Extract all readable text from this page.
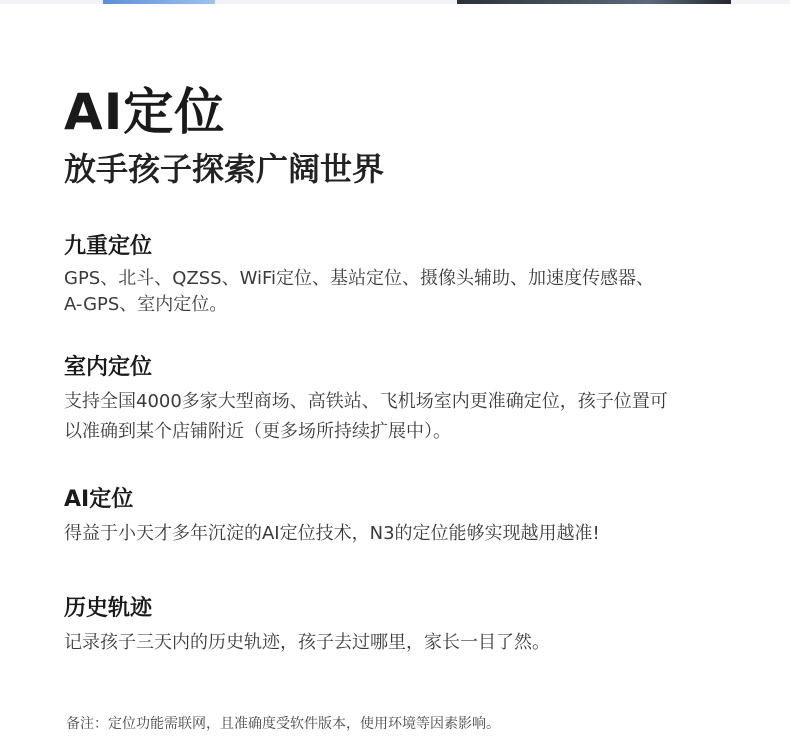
AI定位
放手孩子探索广阔世界
九重定位

GPS、北斗、QZSS、WiFi定位、基站定位、摄像头辅助、加速度传感器、
A-GPS、室内定位。

室内定位

支持全国4000多家大型商场、高铁站、飞机场室内更准确定位，孩子位置可
以准确到某个店铺附近（更多场所持续扩展中）。

AI定位

得益于小天才多年沉淀的AI定位技术，N3的定位能够实现越用越准!

历史轨迹

记录孩子三天内的历史轨迹，孩子去过哪里，家长一目了然。

备注：定位功能需联网，且准确度受软件版本，使用环境等因素影响。
